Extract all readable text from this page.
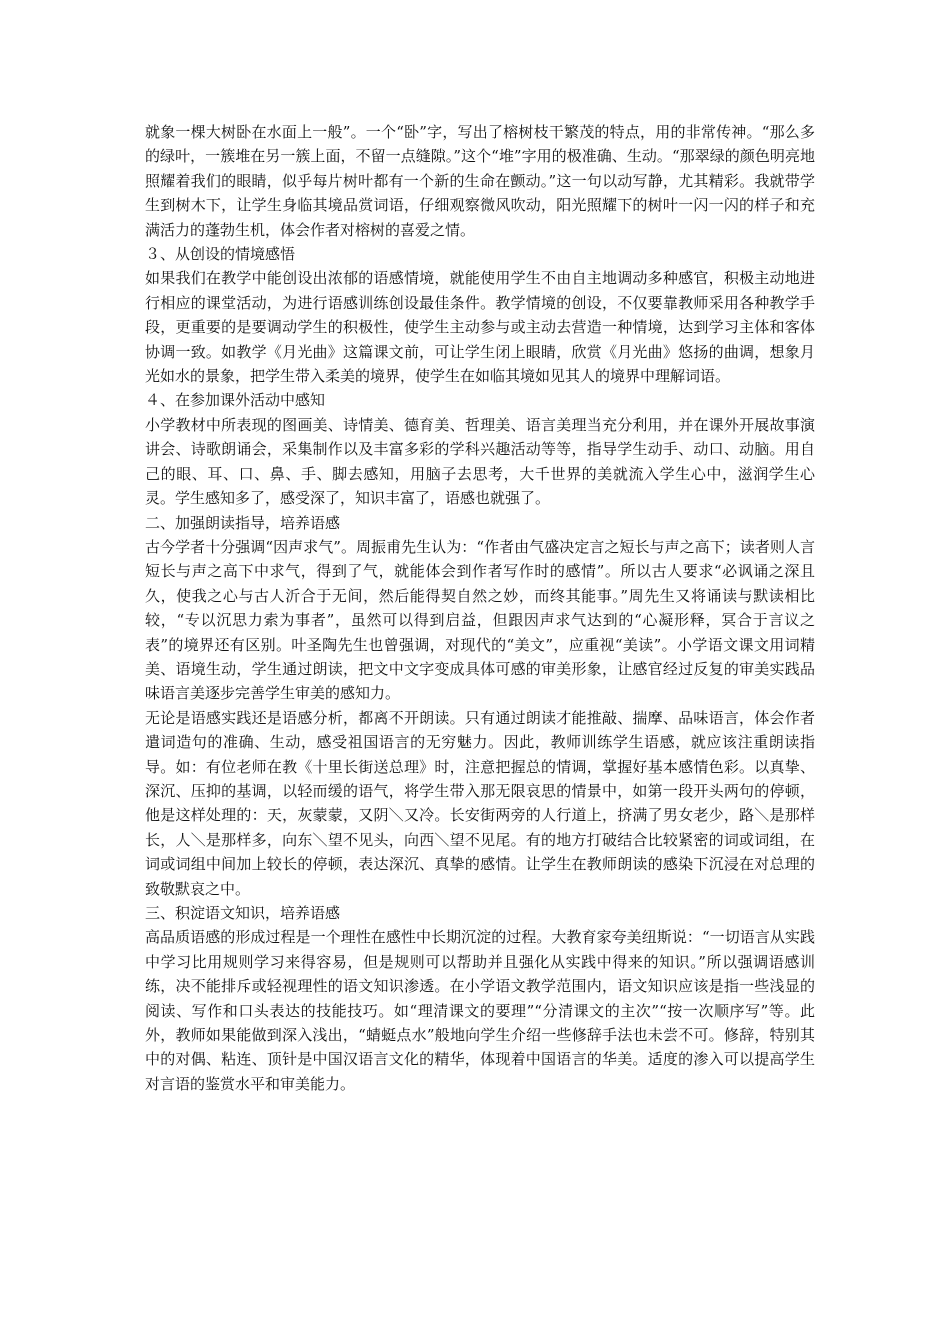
就象一棵大树卧在水面上一般”。一个“卧”字，写出了榕树枝干繁茂的特点，用的非常传神。“那么多的绿叶，一簇堆在另一簇上面，不留一点缝隙。”这个“堆”字用的极准确、生动。“那翠绿的颜色明亮地照耀着我们的眼睛，似乎每片树叶都有一个新的生命在颤动。”这一句以动写静，尤其精彩。我就带学生到树木下，让学生身临其境品赏词语，仔细观察微风吹动，阳光照耀下的树叶一闪一闪的样子和充满活力的蓬勃生机，体会作者对榕树的喜爱之情。

３、从创设的情境感悟

如果我们在教学中能创设出浓郁的语感情境，就能使用学生不由自主地调动多种感官，积极主动地进行相应的课堂活动，为进行语感训练创设最佳条件。教学情境的创设，不仅要靠教师采用各种教学手段，更重要的是要调动学生的积极性，使学生主动参与或主动去营造一种情境，达到学习主体和客体协调一致。如教学《月光曲》这篇课文前，可让学生闭上眼睛，欣赏《月光曲》悠扬的曲调，想象月光如水的景象，把学生带入柔美的境界，使学生在如临其境如见其人的境界中理解词语。

４、在参加课外活动中感知

小学教材中所表现的图画美、诗情美、德育美、哲理美、语言美理当充分利用，并在课外开展故事演讲会、诗歌朗诵会，采集制作以及丰富多彩的学科兴趣活动等等，指导学生动手、动口、动脑。用自己的眼、耳、口、鼻、手、脚去感知，用脑子去思考，大千世界的美就流入学生心中，滋润学生心灵。学生感知多了，感受深了，知识丰富了，语感也就强了。

二、加强朗读指导，培养语感

古今学者十分强调“因声求气”。周振甫先生认为：“作者由气盛决定言之短长与声之高下；读者则人言短长与声之高下中求气，得到了气，就能体会到作者写作时的感情”。所以古人要求“必讽诵之深且久，使我之心与古人沂合于无间，然后能得契自然之妙，而终其能事。”周先生又将诵读与默读相比较，“专以沉思力索为事者”，虽然可以得到启益，但跟因声求气达到的“心凝形释，冥合于言议之表”的境界还有区别。叶圣陶先生也曾强调，对现代的“美文”，应重视“美读”。小学语文课文用词精美、语境生动，学生通过朗读，把文中文字变成具体可感的审美形象，让感官经过反复的审美实践品味语言美逐步完善学生审美的感知力。

无论是语感实践还是语感分析，都离不开朗读。只有通过朗读才能推敲、揣摩、品味语言，体会作者遣词造句的准确、生动，感受祖国语言的无穷魅力。因此，教师训练学生语感，就应该注重朗读指导。如：有位老师在教《十里长街送总理》时，注意把握总的情调，掌握好基本感情色彩。以真挚、深沉、压抑的基调，以轻而缓的语气，将学生带入那无限哀思的情景中，如第一段开头两句的停顿，他是这样处理的：天，灰蒙蒙，又阴＼又冷。长安街两旁的人行道上，挤满了男女老少，路＼是那样长，人＼是那样多，向东＼望不见头，向西＼望不见尾。有的地方打破结合比较紧密的词或词组，在词或词组中间加上较长的停顿，表达深沉、真挚的感情。让学生在教师朗读的感染下沉浸在对总理的致敬默哀之中。

三、积淀语文知识，培养语感

高品质语感的形成过程是一个理性在感性中长期沉淀的过程。大教育家夸美纽斯说：“一切语言从实践中学习比用规则学习来得容易，但是规则可以帮助并且强化从实践中得来的知识。”所以强调语感训练，决不能排斥或轻视理性的语文知识渗透。在小学语文教学范围内，语文知识应该是指一些浅显的阅读、写作和口头表达的技能技巧。如“理清课文的要理”“分清课文的主次”“按一次顺序写”等。此外，教师如果能做到深入浅出，“蜻蜓点水”般地向学生介绍一些修辞手法也未尝不可。修辞，特别其中的对偶、粘连、顶针是中国汉语言文化的精华，体现着中国语言的华美。适度的渗入可以提高学生对言语的鉴赏水平和审美能力。
